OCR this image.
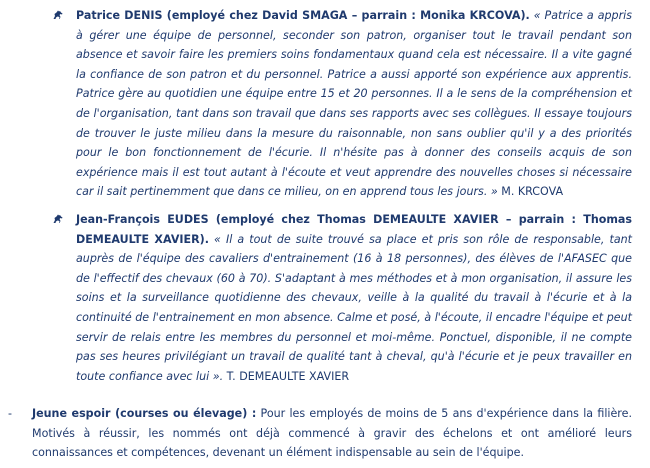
Patrice DENIS (employé chez David SMAGA – parrain : Monika KRCOVA). « Patrice a appris à gérer une équipe de personnel, seconder son patron, organiser tout le travail pendant son absence et savoir faire les premiers soins fondamentaux quand cela est nécessaire. Il a vite gagné la confiance de son patron et du personnel. Patrice a aussi apporté son expérience aux apprentis. Patrice gère au quotidien une équipe entre 15 et 20 personnes. Il a le sens de la compréhension et de l'organisation, tant dans son travail que dans ses rapports avec ses collègues. Il essaye toujours de trouver le juste milieu dans la mesure du raisonnable, non sans oublier qu'il y a des priorités pour le bon fonctionnement de l'écurie. Il n'hésite pas à donner des conseils acquis de son expérience mais il est tout autant à l'écoute et veut apprendre des nouvelles choses si nécessaire car il sait pertinemment que dans ce milieu, on en apprend tous les jours. » M. KRCOVA

Jean-François EUDES (employé chez Thomas DEMEAULTE XAVIER – parrain : Thomas DEMEAULTE XAVIER). « Il a tout de suite trouvé sa place et pris son rôle de responsable, tant auprès de l'équipe des cavaliers d'entrainement (16 à 18 personnes), des élèves de l'AFASEC que de l'effectif des chevaux (60 à 70). S'adaptant à mes méthodes et à mon organisation, il assure les soins et la surveillance quotidienne des chevaux, veille à la qualité du travail à l'écurie et à la continuité de l'entrainement en mon absence. Calme et posé, à l'écoute, il encadre l'équipe et peut servir de relais entre les membres du personnel et moi-même. Ponctuel, disponible, il ne compte pas ses heures privilégiant un travail de qualité tant à cheval, qu'à l'écurie et je peux travailler en toute confiance avec lui ». T. DEMEAULTE XAVIER

-	Jeune espoir (courses ou élevage) : Pour les employés de moins de 5 ans d'expérience dans la filière. Motivés à réussir, les nommés ont déjà commencé à gravir des échelons et ont amélioré leurs connaissances et compétences, devenant un élément indispensable au sein de l'équipe.
